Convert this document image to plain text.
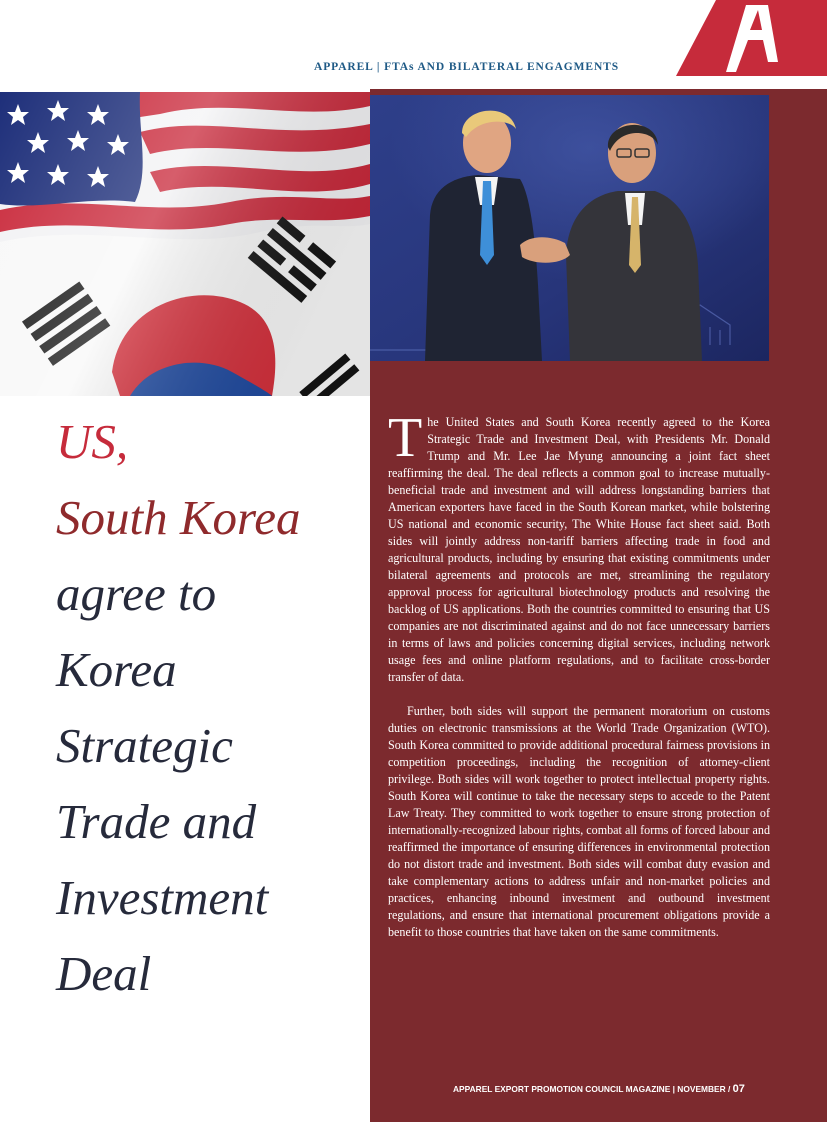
APPAREL | FTAs AND BILATERAL ENGAGMENTS
US,
South Korea
agree to
Korea
Strategic
Trade and
Investment
Deal

The United States and South Korea recently agreed to the Korea Strategic Trade and Investment Deal, with Presidents Mr. Donald Trump and Mr. Lee Jae Myung announcing a joint fact sheet reaffirming the deal. The deal reflects a common goal to increase mutually-beneficial trade and investment and will address longstanding barriers that American exporters have faced in the South Korean market, while bolstering US national and economic security, The White House fact sheet said. Both sides will jointly address non-tariff barriers affecting trade in food and agricultural products, including by ensuring that existing commitments under bilateral agreements and protocols are met, streamlining the regulatory approval process for agricultural biotechnology products and resolving the backlog of US applications. Both the countries committed to ensuring that US companies are not discriminated against and do not face unnecessary barriers in terms of laws and policies concerning digital services, including network usage fees and online platform regulations, and to facilitate cross-border transfer of data.

Further, both sides will support the permanent moratorium on customs duties on electronic transmissions at the World Trade Organization (WTO). South Korea committed to provide additional procedural fairness provisions in competition proceedings, including the recognition of attorney-client privilege. Both sides will work together to protect intellectual property rights. South Korea will continue to take the necessary steps to accede to the Patent Law Treaty. They committed to work together to ensure strong protection of internationally-recognized labour rights, combat all forms of forced labour and reaffirmed the importance of ensuring differences in environmental protection do not distort trade and investment. Both sides will combat duty evasion and take complementary actions to address unfair and non-market policies and practices, enhancing inbound investment and outbound investment regulations, and ensure that international procurement obligations provide a benefit to those countries that have taken on the same commitments.

APPAREL EXPORT PROMOTION COUNCIL MAGAZINE | NOVEMBER / 07
